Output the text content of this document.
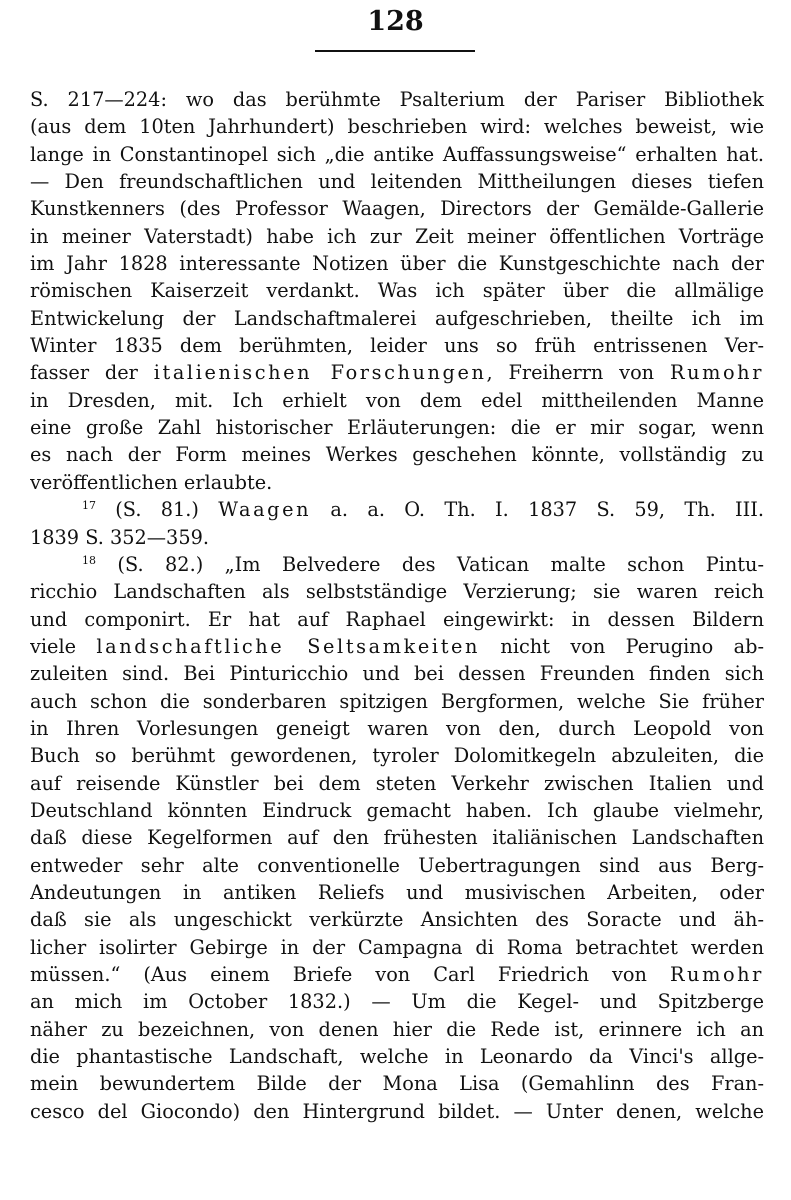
128
S. 217—224: wo das berühmte Psalterium der Pariser Bibliothek
(aus dem 10ten Jahrhundert) beschrieben wird: welches beweist, wie
lange in Constantinopel sich „die antike Auffassungsweise“ erhalten hat.
— Den freundschaftlichen und leitenden Mittheilungen dieses tiefen
Kunstkenners (des Professor Waagen, Directors der Gemälde-Gallerie
in meiner Vaterstadt) habe ich zur Zeit meiner öffentlichen Vorträge
im Jahr 1828 interessante Notizen über die Kunstgeschichte nach der
römischen Kaiserzeit verdankt. Was ich später über die allmälige
Entwickelung der Landschaftmalerei aufgeschrieben, theilte ich im
Winter 1835 dem berühmten, leider uns so früh entrissenen Ver-
fasser der italienischen Forschungen, Freiherrn von Rumohr
in Dresden, mit. Ich erhielt von dem edel mittheilenden Manne
eine große Zahl historischer Erläuterungen: die er mir sogar, wenn
es nach der Form meines Werkes geschehen könnte, vollständig zu
veröffentlichen erlaubte.
$^{17}$ (S. 81.) Waagen a. a. O. Th. I. 1837 S. 59, Th. III.
1839 S. 352—359.
$^{18}$ (S. 82.) „Im Belvedere des Vatican malte schon Pintu-
ricchio Landschaften als selbstständige Verzierung; sie waren reich
und componirt. Er hat auf Raphael eingewirkt: in dessen Bildern
viele landschaftliche Seltsamkeiten nicht von Perugino ab-
zuleiten sind. Bei Pinturicchio und bei dessen Freunden finden sich
auch schon die sonderbaren spitzigen Bergformen, welche Sie früher
in Ihren Vorlesungen geneigt waren von den, durch Leopold von
Buch so berühmt gewordenen, tyroler Dolomitkegeln abzuleiten, die
auf reisende Künstler bei dem steten Verkehr zwischen Italien und
Deutschland könnten Eindruck gemacht haben. Ich glaube vielmehr,
daß diese Kegelformen auf den frühesten italiänischen Landschaften
entweder sehr alte conventionelle Uebertragungen sind aus Berg-
Andeutungen in antiken Reliefs und musivischen Arbeiten, oder
daß sie als ungeschickt verkürzte Ansichten des Soracte und äh-
licher isolirter Gebirge in der Campagna di Roma betrachtet werden
müssen.“ (Aus einem Briefe von Carl Friedrich von Rumohr
an mich im October 1832.) — Um die Kegel- und Spitzberge
näher zu bezeichnen, von denen hier die Rede ist, erinnere ich an
die phantastische Landschaft, welche in Leonardo da Vinci's allge-
mein bewundertem Bilde der Mona Lisa (Gemahlinn des Fran-
cesco del Giocondo) den Hintergrund bildet. — Unter denen, welche
